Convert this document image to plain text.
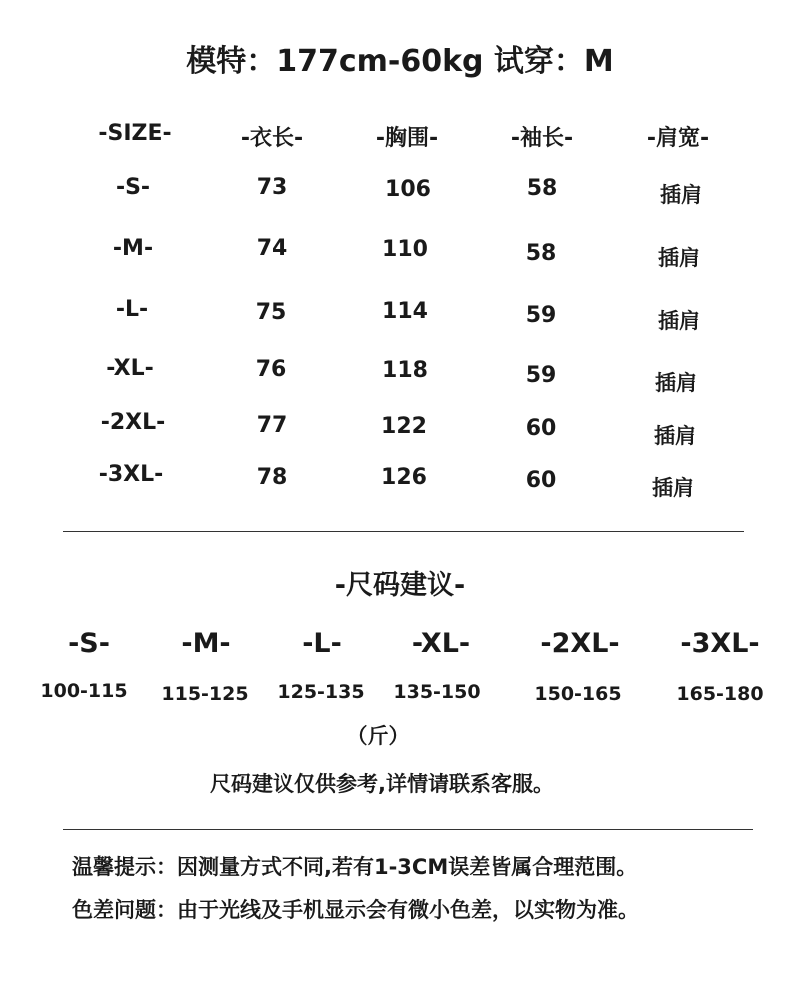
模特：177cm-60kg 试穿：M
-SIZE-	-衣长-	-胸围-	-袖长-	-肩宽-
-S-	73	106	58	插肩
-M-	74	110	58	插肩
-L-	75	114	59	插肩
-XL-	76	118	59	插肩
-2XL-	77	122	60	插肩
-3XL-	78	126	60	插肩
-尺码建议-
-S-	-M-	-L-	-XL-	-2XL- -3XL-
100-115 115-125 125-135 135-150	150-165	165-180
（斤）
尺码建议仅供参考,详情请联系客服。
温馨提示：因测量方式不同,若有1-3CM误差皆属合理范围。
色差问题：由于光线及手机显示会有微小色差，以实物为准。
